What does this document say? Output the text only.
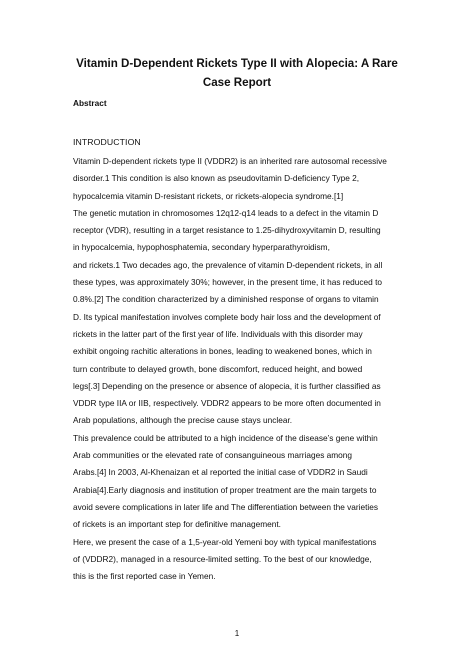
Vitamin D-Dependent Rickets Type II with Alopecia: A Rare
Case Report
Abstract
INTRODUCTION
Vitamin D-dependent rickets type II (VDDR2) is an inherited rare autosomal recessive
disorder.1 This condition is also known as pseudovitamin D-deficiency Type 2,
hypocalcemia vitamin D-resistant rickets, or rickets-alopecia syndrome.[1]
The genetic mutation in chromosomes 12q12-q14 leads to a defect in the vitamin D
receptor (VDR), resulting in a target resistance to 1.25-dihydroxyvitamin D, resulting
in hypocalcemia, hypophosphatemia, secondary hyperparathyroidism,
and rickets.1 Two decades ago, the prevalence of vitamin D-dependent rickets, in all
these types, was approximately 30%; however, in the present time, it has reduced to
0.8%.[2] The condition characterized by a diminished response of organs to vitamin
D. Its typical manifestation involves complete body hair loss and the development of
rickets in the latter part of the first year of life. Individuals with this disorder may
exhibit ongoing rachitic alterations in bones, leading to weakened bones, which in
turn contribute to delayed growth, bone discomfort, reduced height, and bowed
legs[.3] Depending on the presence or absence of alopecia, it is further classified as
VDDR type IIA or IIB, respectively. VDDR2 appears to be more often documented in
Arab populations, although the precise cause stays unclear.
This prevalence could be attributed to a high incidence of the disease’s gene within
Arab communities or the elevated rate of consanguineous marriages among
Arabs.[4] In 2003, Al-Khenaizan et al reported the initial case of VDDR2 in Saudi
Arabia[4].Early diagnosis and institution of proper treatment are the main targets to
avoid severe complications in later life and The differentiation between the varieties
of rickets is an important step for definitive management.
Here, we present the case of a 1,5-year-old Yemeni boy with typical manifestations
of (VDDR2), managed in a resource-limited setting. To the best of our knowledge,
this is the first reported case in Yemen.
1
